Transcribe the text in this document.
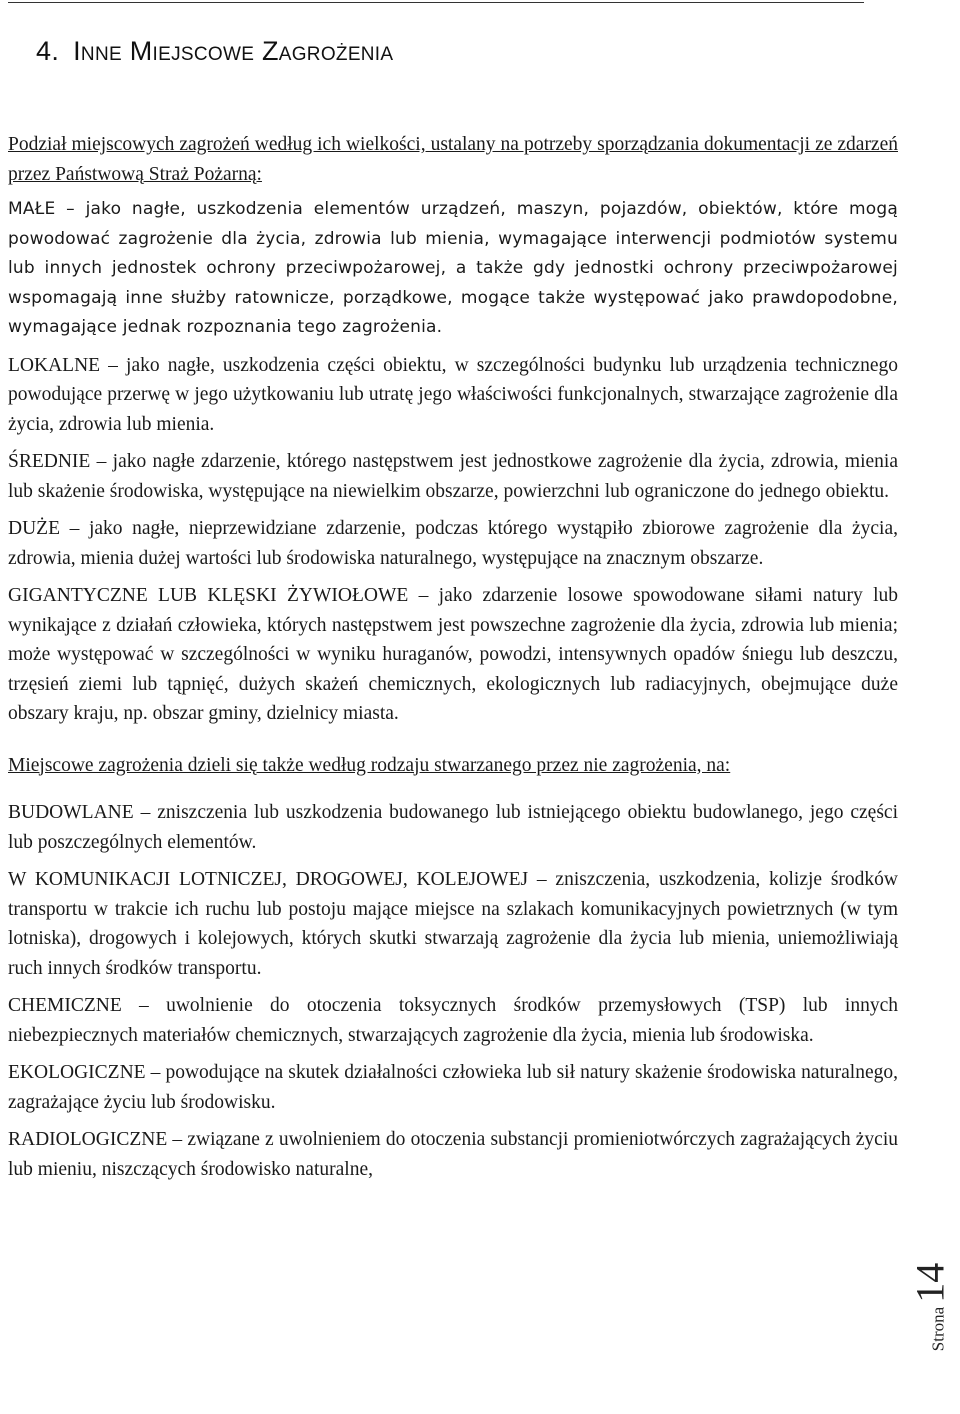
4. Inne Miejscowe Zagrożenia

Podział miejscowych zagrożeń według ich wielkości, ustalany na potrzeby sporządzania dokumentacji ze zdarzeń przez Państwową Straż Pożarną:

MAŁE – jako nagłe, uszkodzenia elementów urządzeń, maszyn, pojazdów, obiektów, które mogą powodować zagrożenie dla życia, zdrowia lub mienia, wymagające interwencji podmiotów systemu lub innych jednostek ochrony przeciwpożarowej, a także gdy jednostki ochrony przeciwpożarowej wspomagają inne służby ratownicze, porządkowe, mogące także występować jako prawdopodobne, wymagające jednak rozpoznania tego zagrożenia.

LOKALNE – jako nagłe, uszkodzenia części obiektu, w szczególności budynku lub urządzenia technicznego powodujące przerwę w jego użytkowaniu lub utratę jego właściwości funkcjonalnych, stwarzające zagrożenie dla życia, zdrowia lub mienia.

ŚREDNIE – jako nagłe zdarzenie, którego następstwem jest jednostkowe zagrożenie dla życia, zdrowia, mienia lub skażenie środowiska, występujące na niewielkim obszarze, powierzchni lub ograniczone do jednego obiektu.

DUŻE – jako nagłe, nieprzewidziane zdarzenie, podczas którego wystąpiło zbiorowe zagrożenie dla życia, zdrowia, mienia dużej wartości lub środowiska naturalnego, występujące na znacznym obszarze.

GIGANTYCZNE LUB KLĘSKI ŻYWIOŁOWE – jako zdarzenie losowe spowodowane siłami natury lub wynikające z działań człowieka, których następstwem jest powszechne zagrożenie dla życia, zdrowia lub mienia; może występować w szczególności w wyniku huraganów, powodzi, intensywnych opadów śniegu lub deszczu, trzęsień ziemi lub tąpnięć, dużych skażeń chemicznych, ekologicznych lub radiacyjnych, obejmujące duże obszary kraju, np. obszar gminy, dzielnicy miasta.

Miejscowe zagrożenia dzieli się także według rodzaju stwarzanego przez nie zagrożenia, na:

BUDOWLANE – zniszczenia lub uszkodzenia budowanego lub istniejącego obiektu budowlanego, jego części lub poszczególnych elementów.

W KOMUNIKACJI LOTNICZEJ, DROGOWEJ, KOLEJOWEJ – zniszczenia, uszkodzenia, kolizje środków transportu w trakcie ich ruchu lub postoju mające miejsce na szlakach komunikacyjnych powietrznych (w tym lotniska), drogowych i kolejowych, których skutki stwarzają zagrożenie dla życia lub mienia, uniemożliwiają ruch innych środków transportu.

CHEMICZNE – uwolnienie do otoczenia toksycznych środków przemysłowych (TSP) lub innych niebezpiecznych materiałów chemicznych, stwarzających zagrożenie dla życia, mienia lub środowiska.

EKOLOGICZNE – powodujące na skutek działalności człowieka lub sił natury skażenie środowiska naturalnego, zagrażające życiu lub środowisku.

RADIOLOGICZNE – związane z uwolnieniem do otoczenia substancji promieniotwórczych zagrażających życiu lub mieniu, niszczących środowisko naturalne,

Strona14
